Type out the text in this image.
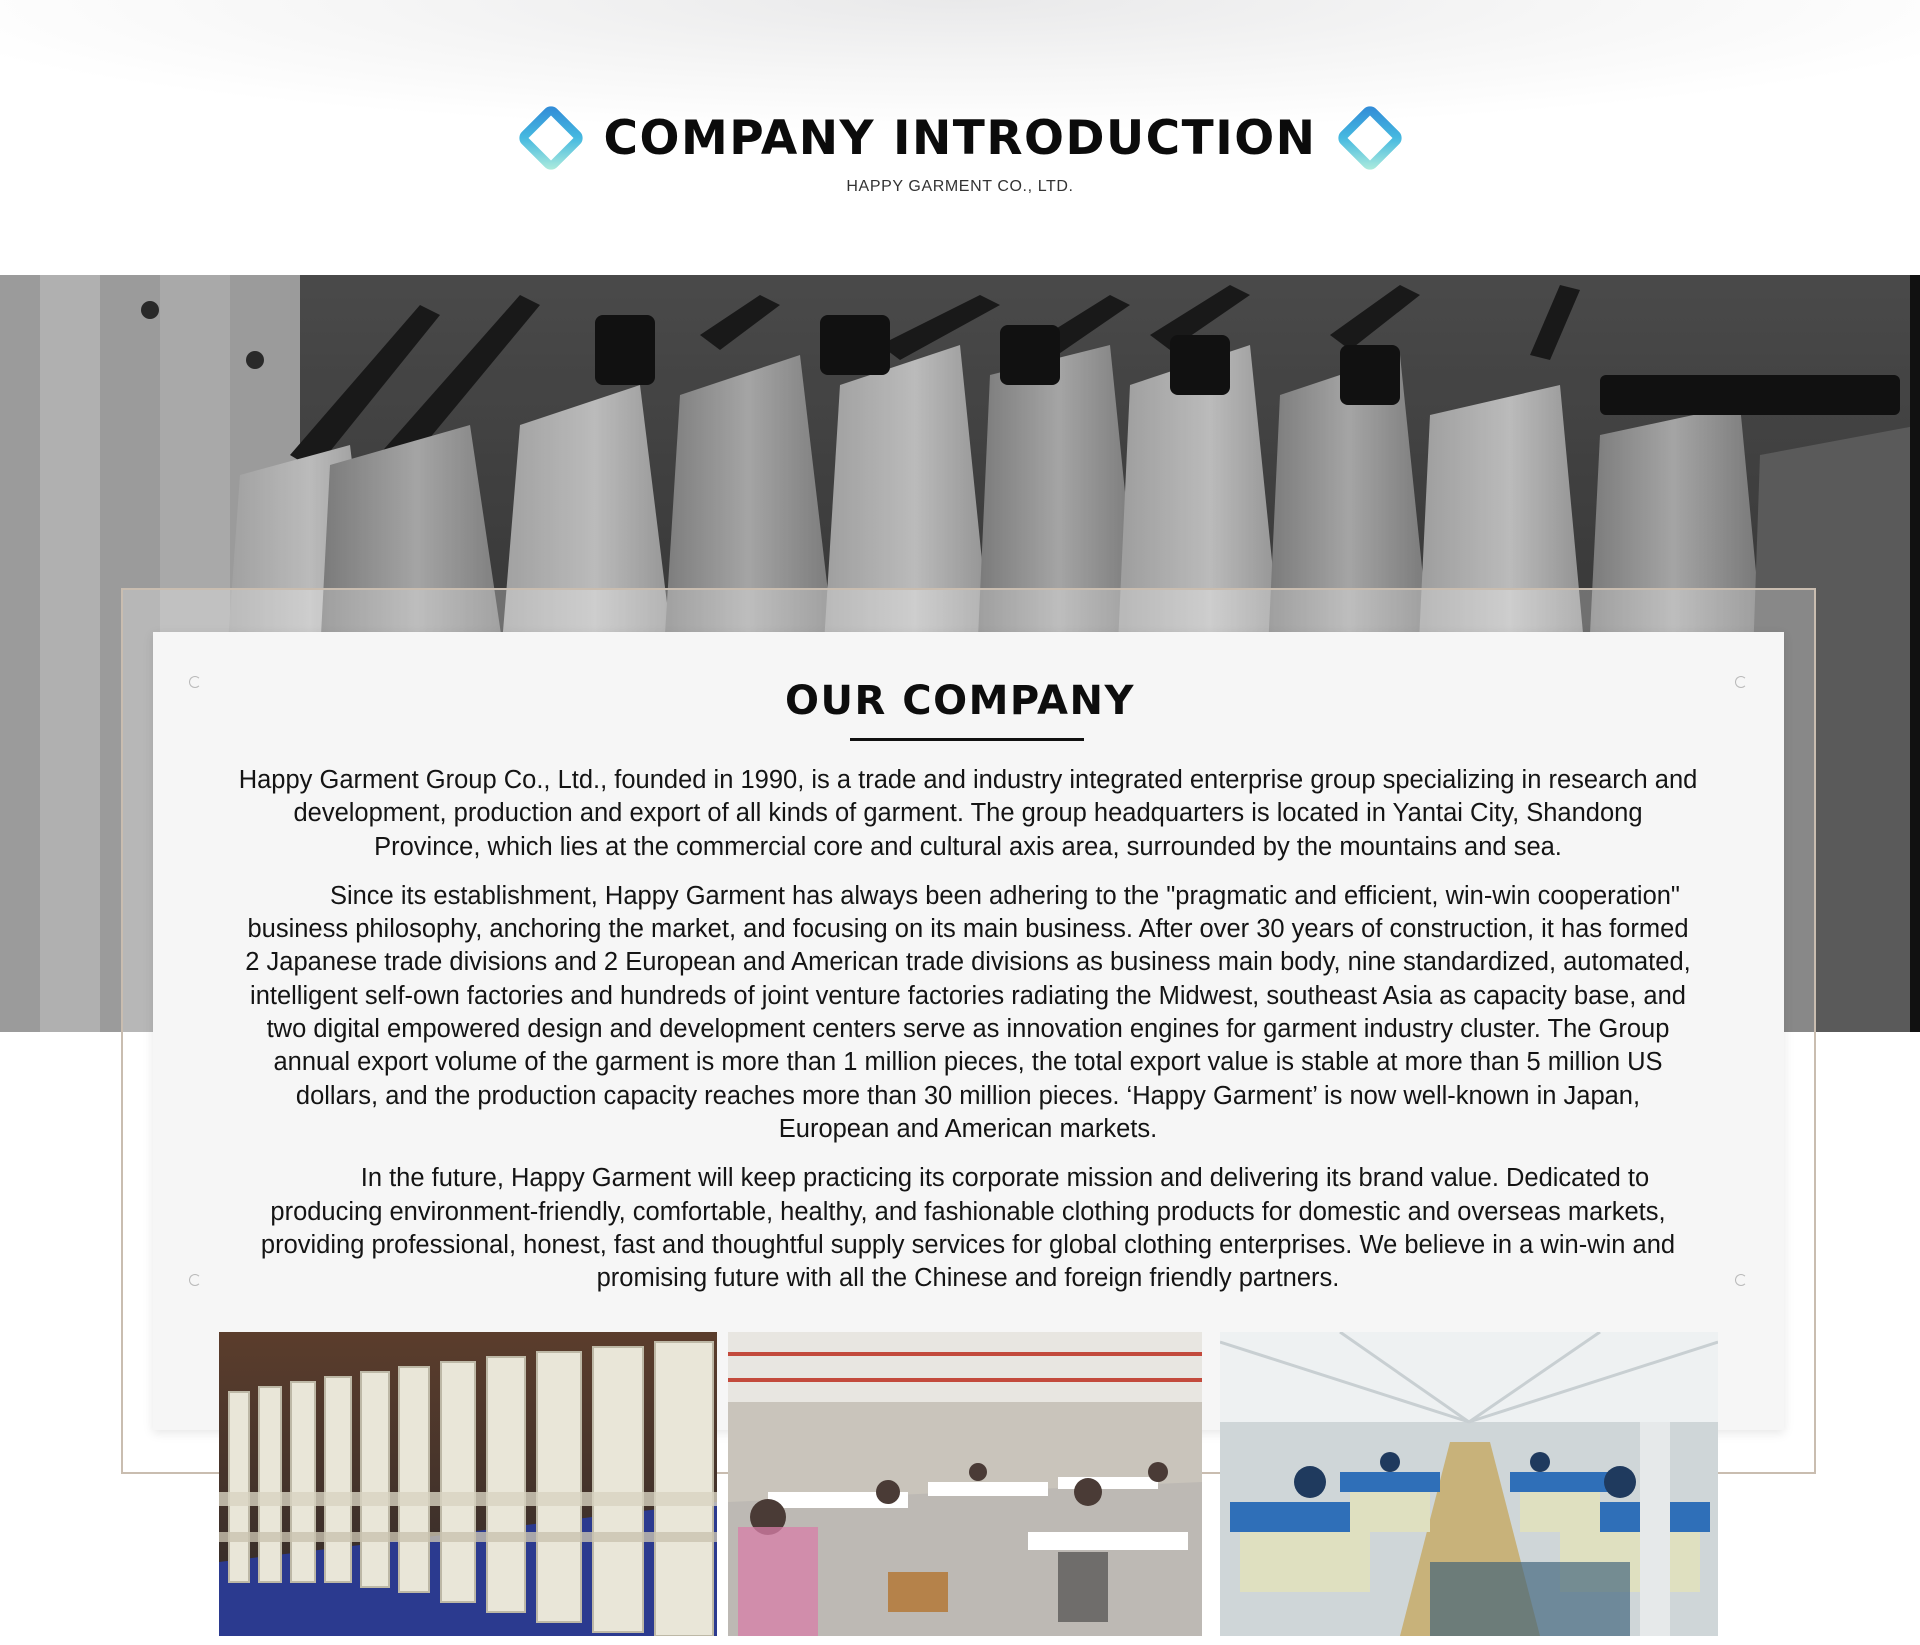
COMPANY INTRODUCTION
HAPPY GARMENT CO., LTD.
OUR COMPANY

Happy Garment Group Co., Ltd., founded in 1990, is a trade and industry integrated enterprise group specializing in research and development, production and export of all kinds of garment. The group headquarters is located in Yantai City, Shandong Province, which lies at the commercial core and cultural axis area, surrounded by the mountains and sea.

Since its establishment, Happy Garment has always been adhering to the "pragmatic and efficient, win-win cooperation" business philosophy, anchoring the market, and focusing on its main business. After over 30 years of construction, it has formed 2 Japanese trade divisions and 2 European and American trade divisions as business main body, nine standardized, automated, intelligent self-own factories and hundreds of joint venture factories radiating the Midwest, southeast Asia as capacity base, and two digital empowered design and development centers serve as innovation engines for garment industry cluster. The Group annual export volume of the garment is more than 1 million pieces, the total export value is stable at more than 5 million US dollars, and the production capacity reaches more than 30 million pieces. ‘Happy Garment’ is now well-known in Japan, European and American markets.

In the future, Happy Garment will keep practicing its corporate mission and delivering its brand value. Dedicated to producing environment-friendly, comfortable, healthy, and fashionable clothing products for domestic and overseas markets, providing professional, honest, fast and thoughtful supply services for global clothing enterprises. We believe in a win-win and promising future with all the Chinese and foreign friendly partners.
